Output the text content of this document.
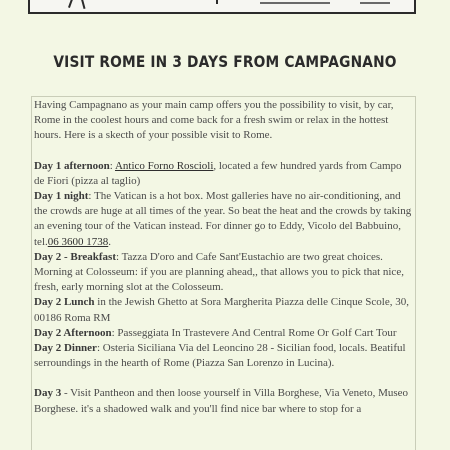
VISIT ROME IN 3 DAYS FROM CAMPAGNANO

Having Campagnano as your main camp offers you the possibility to visit, by car, Rome in the coolest hours and come back for a fresh swim or relax in the hottest hours. Here is a skecth of your possible visit to Rome.

Day 1 afternoon: Antico Forno Roscioli, located a few hundred yards from Campo de Fiori (pizza al taglio)

Day 1 night: The Vatican is a hot box. Most galleries have no air-conditioning, and the crowds are huge at all times of the year. So beat the heat and the crowds by taking an evening tour of the Vatican instead. For dinner go to Eddy, Vicolo del Babbuino, tel.06 3600 1738.

Day 2 - Breakfast: Tazza D'oro and Cafe Sant'Eustachio are two great choices. Morning at Colosseum: if you are planning ahead,, that allows you to pick that nice, fresh, early morning slot at the Colosseum.

Day 2 Lunch in the Jewish Ghetto at Sora Margherita Piazza delle Cinque Scole, 30, 00186 Roma RM

Day 2 Afternoon: Passeggiata In Trastevere And Central Rome Or Golf Cart Tour

Day 2 Dinner: Osteria Siciliana Via del Leoncino 28 - Sicilian food, locals. Beatiful serroundings in the hearth of Rome (Piazza San Lorenzo in Lucina).

Day 3 - Visit Pantheon and then loose yourself in Villa Borghese, Via Veneto, Museo Borghese. it's a shadowed walk and you'll find nice bar where to stop for a
